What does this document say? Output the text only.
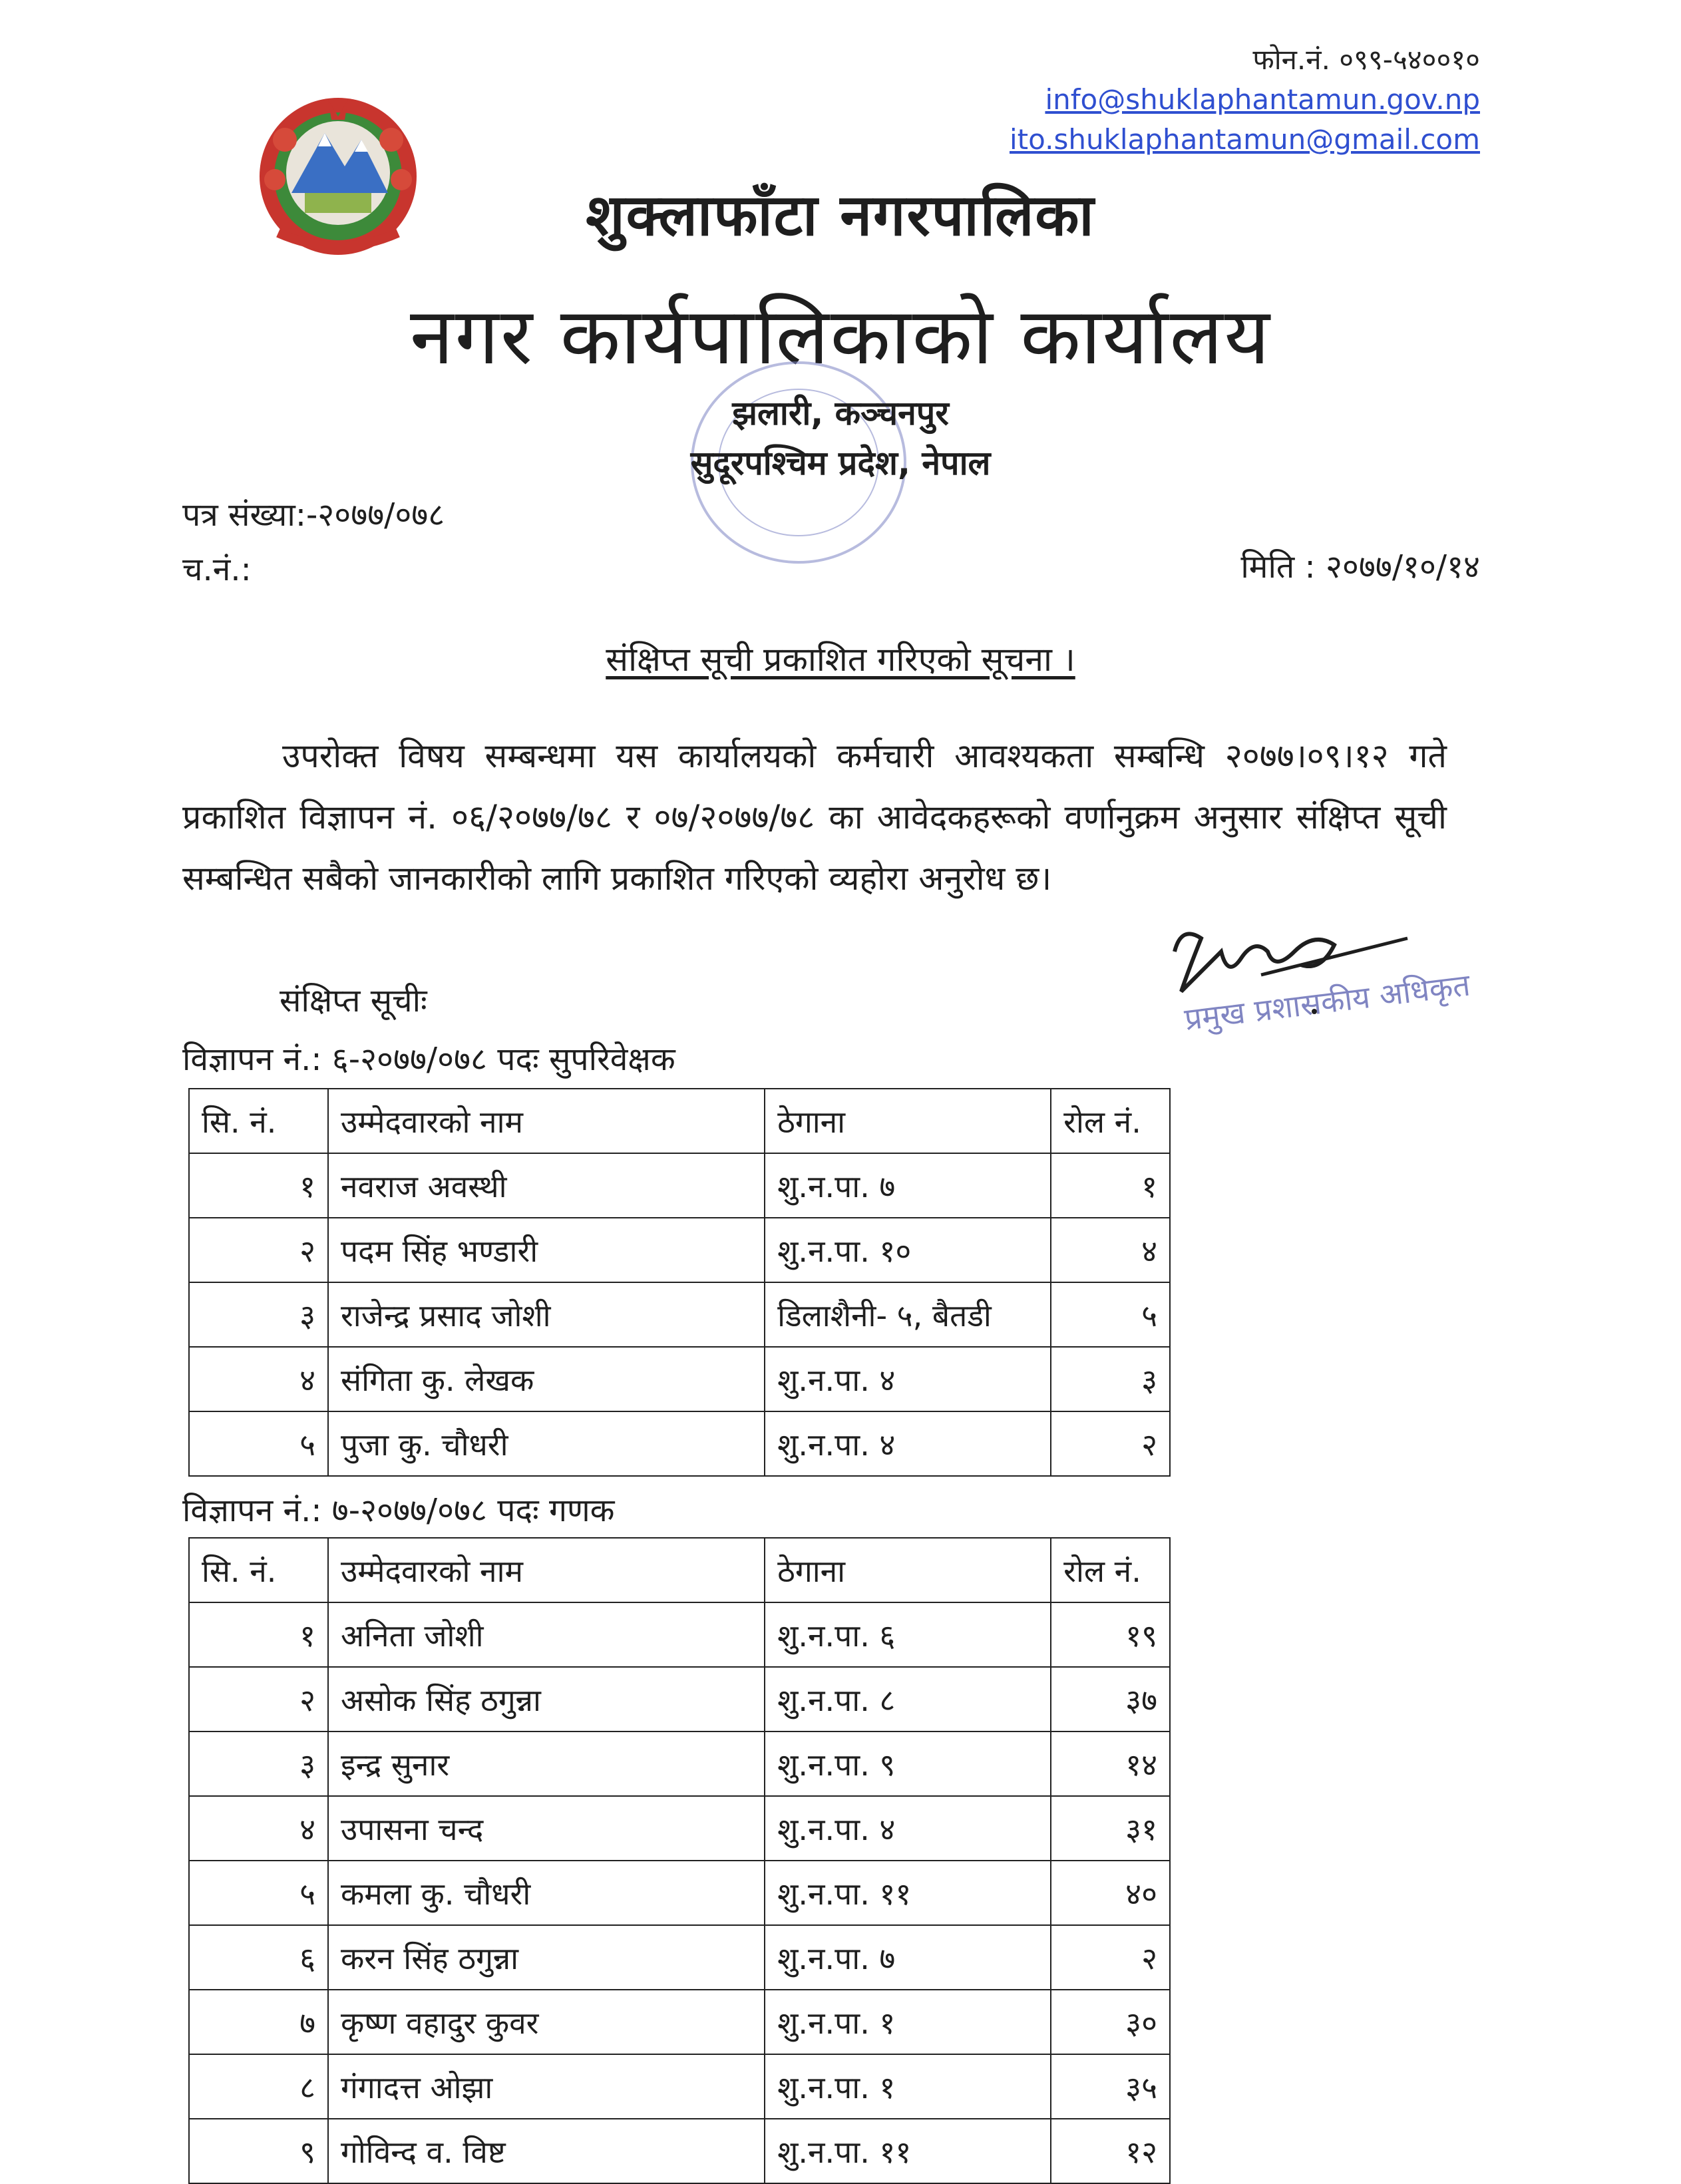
फोन.नं. ०९९-५४००१०
info@shuklaphantamun.gov.np
ito.shuklaphantamun@gmail.com
शुक्लाफाँटा नगरपालिका
नगर कार्यपालिकाको कार्यालय
झलारी, कञ्चनपुर
सुदूरपश्चिम प्रदेश, नेपाल
पत्र संख्या:-२०७७/०७८
च.नं.:	मिति : २०७७/१०/१४
संक्षिप्त सूची प्रकाशित गरिएको सूचना ।
उपरोक्त विषय सम्बन्धमा यस कार्यालयको कर्मचारी आवश्यकता सम्बन्धि २०७७।०९।१२ गते प्रकाशित विज्ञापन नं. ०६/२०७७/७८ र ०७/२०७७/७८ का आवेदकहरूको वर्णानुक्रम अनुसार संक्षिप्त सूची सम्बन्धित सबैको जानकारीको लागि प्रकाशित गरिएको व्यहोरा अनुरोध छ।
प्रमुख प्रशासकीय अधिकृत
संक्षिप्त सूचीः
विज्ञापन नं.: ६-२०७७/०७८ पदः सुपरिवेक्षक
सि. नं.	उम्मेदवारको नाम	ठेगाना	रोल नं.
१	नवराज अवस्थी	शु.न.पा. ७	१
२	पदम सिंह भण्डारी	शु.न.पा. १०	४
३	राजेन्द्र प्रसाद जोशी	डिलाशैनी- ५, बैतडी	५
४	संगिता कु. लेखक	शु.न.पा. ४	३
५	पुजा कु. चौधरी	शु.न.पा. ४	२
विज्ञापन नं.: ७-२०७७/०७८ पदः गणक
सि. नं.	उम्मेदवारको नाम	ठेगाना	रोल नं.
१	अनिता जोशी	शु.न.पा. ६	१९
२	असोक सिंह ठगुन्ना	शु.न.पा. ८	३७
३	इन्द्र सुनार	शु.न.पा. ९	१४
४	उपासना चन्द	शु.न.पा. ४	३१
५	कमला कु. चौधरी	शु.न.पा. ११	४०
६	करन सिंह ठगुन्ना	शु.न.पा. ७	२
७	कृष्ण वहादुर कुवर	शु.न.पा. १	३०
८	गंगादत्त ओझा	शु.न.पा. १	३५
९	गोविन्द व. विष्ट	शु.न.पा. ११	१२
